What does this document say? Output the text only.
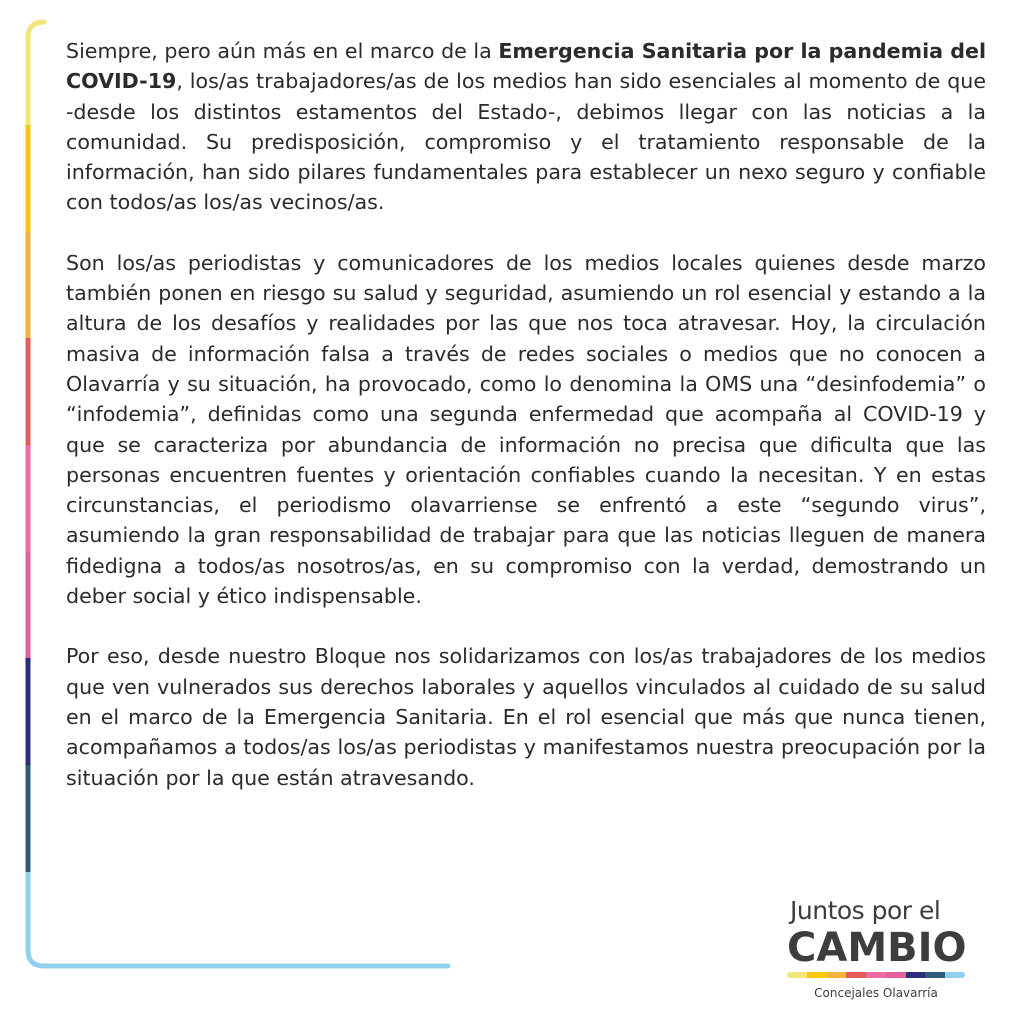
Siempre, pero aún más en el marco de la Emergencia Sanitaria por la pandemia del COVID-19, los/as trabajadores/as de los medios han sido esenciales al momento de que -desde los distintos estamentos del Estado-, debimos llegar con las noticias a la comunidad. Su predisposición, compromiso y el tratamiento responsable de la información, han sido pilares fundamentales para establecer un nexo seguro y confiable con todos/as los/as vecinos/as.

Son los/as periodistas y comunicadores de los medios locales quienes desde marzo también ponen en riesgo su salud y seguridad, asumiendo un rol esencial y estando a la altura de los desafíos y realidades por las que nos toca atravesar. Hoy, la circulación masiva de información falsa a través de redes sociales o medios que no conocen a Olavarría y su situación, ha provocado, como lo denomina la OMS una “desinfodemia” o “infodemia”, definidas como una segunda enfermedad que acompaña al COVID-19 y que se caracteriza por abundancia de información no precisa que dificulta que las personas encuentren fuentes y orientación confiables cuando la necesitan. Y en estas circunstancias, el periodismo olavarriense se enfrentó a este “segundo virus”, asumiendo la gran responsabilidad de trabajar para que las noticias lleguen de manera fidedigna a todos/as nosotros/as, en su compromiso con la verdad, demostrando un deber social y ético indispensable.

Por eso, desde nuestro Bloque nos solidarizamos con los/as trabajadores de los medios que ven vulnerados sus derechos laborales y aquellos vinculados al cuidado de su salud en el marco de la Emergencia Sanitaria. En el rol esencial que más que nunca tienen, acompañamos a todos/as los/as periodistas y manifestamos nuestra preocupación por la situación por la que están atravesando.

Juntos por el
CAMBIO
Concejales Olavarría
